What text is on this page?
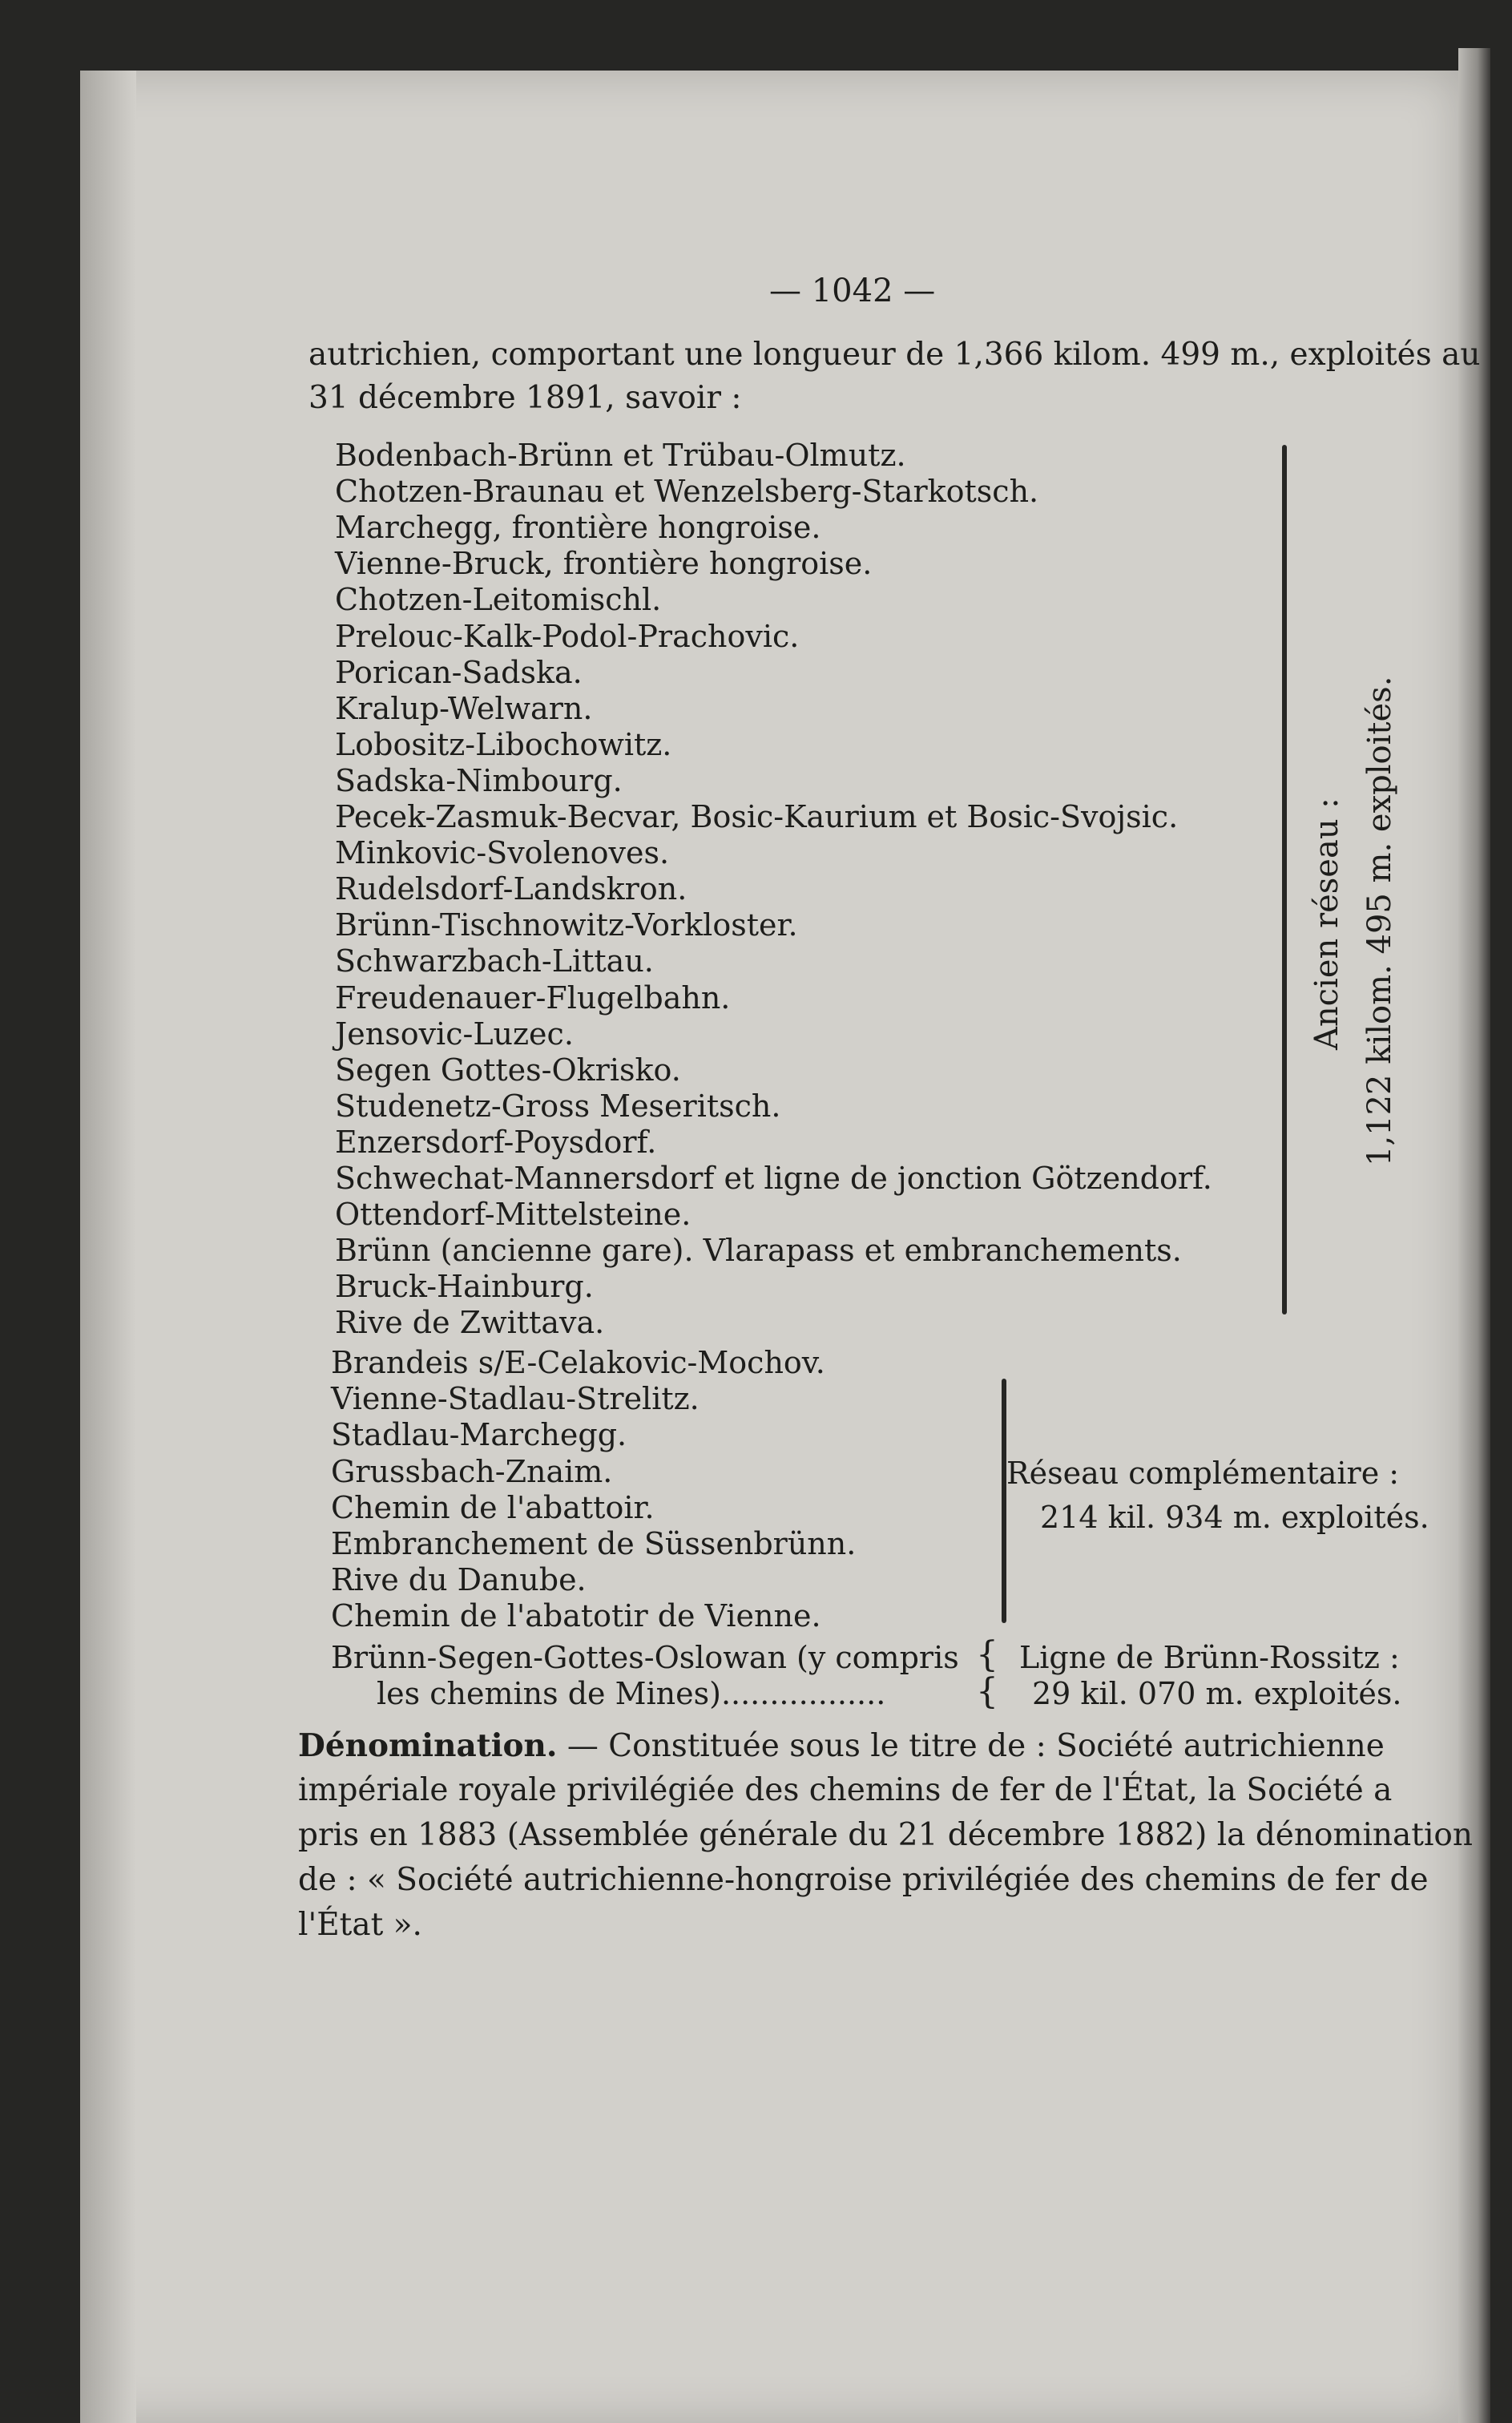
— 1042 —
autrichien, comportant une longueur de 1,366 kilom. 499 m., exploités au
31 décembre 1891, savoir :
Bodenbach-Brünn et Trübau-Olmutz.
Chotzen-Braunau et Wenzelsberg-Starkotsch.
Marchegg, frontière hongroise.
Vienne-Bruck, frontière hongroise.
Chotzen-Leitomischl.
Prelouc-Kalk-Podol-Prachovic.
Porican-Sadska.
Kralup-Welwarn.
Lobositz-Libochowitz.
Sadska-Nimbourg.
Pecek-Zasmuk-Becvar, Bosic-Kaurium et Bosic-Svojsic.
Minkovic-Svolenoves.
Rudelsdorf-Landskron.
Brünn-Tischnowitz-Vorkloster.
Schwarzbach-Littau.
Freudenauer-Flugelbahn.
Jensovic-Luzec.
Segen Gottes-Okrisko.
Studenetz-Gross Meseritsch.
Enzersdorf-Poysdorf.
Schwechat-Mannersdorf et ligne de jonction Götzendorf.
Ottendorf-Mittelsteine.
Brünn (ancienne gare). Vlarapass et embranchements.
Bruck-Hainburg.
Rive de Zwittava.
Ancien réseau : 1,122 kilom. 495 m. exploités.
Brandeis s/E-Celakovic-Mochov.
Vienne-Stadlau-Strelitz.
Stadlau-Marchegg.
Grussbach-Znaim.
Chemin de l'abattoir.
Embranchement de Süssenbrünn.
Rive du Danube.
Chemin de l'abatotir de Vienne.
Réseau complémentaire :
214 kil. 934 m. exploités.
Brünn-Segen-Gottes-Oslowan (y compris
les chemins de Mines).................
{
{
Ligne de Brünn-Rossitz :
29 kil. 070 m. exploités.
Dénomination. — Constituée sous le titre de : Société autrichienne
impériale royale privilégiée des chemins de fer de l'État, la Société a
pris en 1883 (Assemblée générale du 21 décembre 1882) la dénomination
de : « Société autrichienne-hongroise privilégiée des chemins de fer de
l'État ».
